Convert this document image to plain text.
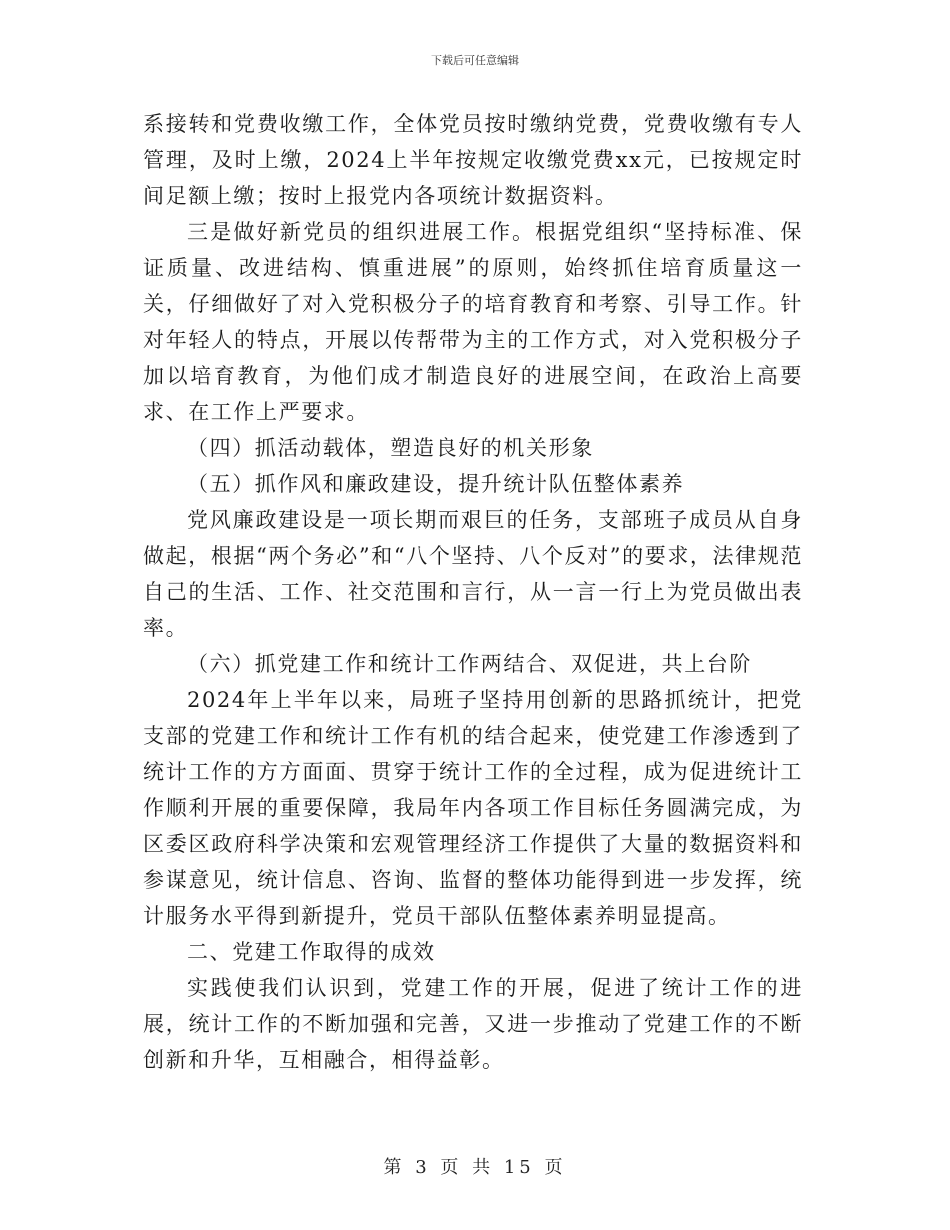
下载后可任意编辑

系接转和党费收缴工作，全体党员按时缴纳党费，党费收缴有专人管理，及时上缴，2024上半年按规定收缴党费xx元，已按规定时间足额上缴；按时上报党内各项统计数据资料。

三是做好新党员的组织进展工作。根据党组织“坚持标准、保证质量、改进结构、慎重进展”的原则，始终抓住培育质量这一关，仔细做好了对入党积极分子的培育教育和考察、引导工作。针对年轻人的特点，开展以传帮带为主的工作方式，对入党积极分子加以培育教育，为他们成才制造良好的进展空间，在政治上高要求、在工作上严要求。

（四）抓活动载体，塑造良好的机关形象

（五）抓作风和廉政建设，提升统计队伍整体素养

党风廉政建设是一项长期而艰巨的任务，支部班子成员从自身做起，根据“两个务必”和“八个坚持、八个反对”的要求，法律规范自己的生活、工作、社交范围和言行，从一言一行上为党员做出表率。

（六）抓党建工作和统计工作两结合、双促进，共上台阶

2024年上半年以来，局班子坚持用创新的思路抓统计，把党支部的党建工作和统计工作有机的结合起来，使党建工作渗透到了统计工作的方方面面、贯穿于统计工作的全过程，成为促进统计工作顺利开展的重要保障，我局年内各项工作目标任务圆满完成，为区委区政府科学决策和宏观管理经济工作提供了大量的数据资料和参谋意见，统计信息、咨询、监督的整体功能得到进一步发挥，统计服务水平得到新提升，党员干部队伍整体素养明显提高。

二、党建工作取得的成效

实践使我们认识到，党建工作的开展，促进了统计工作的进展，统计工作的不断加强和完善，又进一步推动了党建工作的不断创新和升华，互相融合，相得益彰。

第 3 页 共 15 页
